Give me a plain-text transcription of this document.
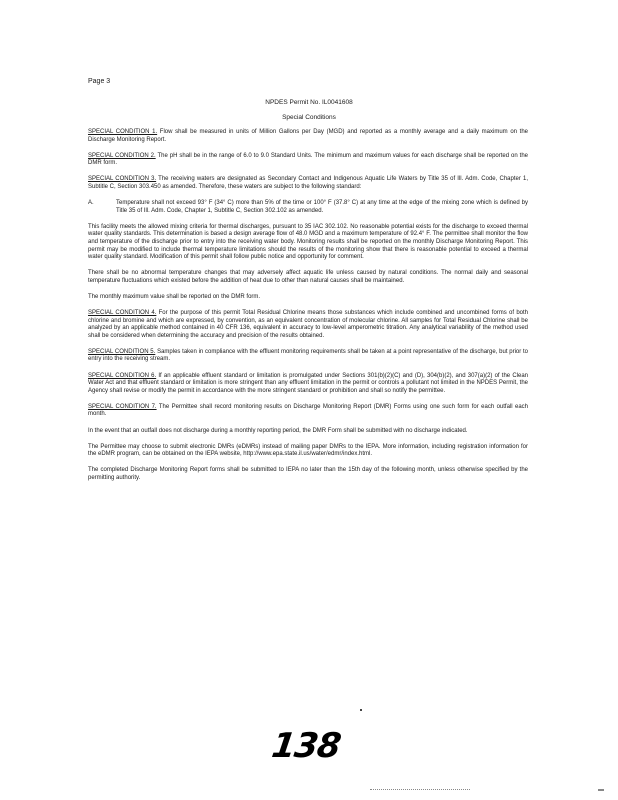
Page 3
NPDES Permit No. IL0041608
Special Conditions

SPECIAL CONDITION 1. Flow shall be measured in units of Million Gallons per Day (MGD) and reported as a monthly average and a daily maximum on the Discharge Monitoring Report.

SPECIAL CONDITION 2. The pH shall be in the range of 6.0 to 9.0 Standard Units. The minimum and maximum values for each discharge shall be reported on the DMR form.

SPECIAL CONDITION 3. The receiving waters are designated as Secondary Contact and Indigenous Aquatic Life Waters by Title 35 of Ill. Adm. Code, Chapter 1, Subtitle C, Section 303.450 as amended. Therefore, these waters are subject to the following standard:

A.	Temperature shall not exceed 93° F (34° C) more than 5% of the time or 100° F (37.8° C) at any time at the edge of the mixing zone which is defined by Title 35 of Ill. Adm. Code, Chapter 1, Subtitle C, Section 302.102 as amended.

This facility meets the allowed mixing criteria for thermal discharges, pursuant to 35 IAC 302.102. No reasonable potential exists for the discharge to exceed thermal water quality standards. This determination is based a design average flow of 48.0 MGD and a maximum temperature of 92.4° F. The permittee shall monitor the flow and temperature of the discharge prior to entry into the receiving water body. Monitoring results shall be reported on the monthly Discharge Monitoring Report. This permit may be modified to include thermal temperature limitations should the results of the monitoring show that there is reasonable potential to exceed a thermal water quality standard. Modification of this permit shall follow public notice and opportunity for comment.

There shall be no abnormal temperature changes that may adversely affect aquatic life unless caused by natural conditions. The normal daily and seasonal temperature fluctuations which existed before the addition of heat due to other than natural causes shall be maintained.

The monthly maximum value shall be reported on the DMR form.

SPECIAL CONDITION 4. For the purpose of this permit Total Residual Chlorine means those substances which include combined and uncombined forms of both chlorine and bromine and which are expressed, by convention, as an equivalent concentration of molecular chlorine. All samples for Total Residual Chlorine shall be analyzed by an applicable method contained in 40 CFR 136, equivalent in accuracy to low-level amperometric titration. Any analytical variability of the method used shall be considered when determining the accuracy and precision of the results obtained.

SPECIAL CONDITION 5. Samples taken in compliance with the effluent monitoring requirements shall be taken at a point representative of the discharge, but prior to entry into the receiving stream.

SPECIAL CONDITION 6. If an applicable effluent standard or limitation is promulgated under Sections 301(b)(2)(C) and (D), 304(b)(2), and 307(a)(2) of the Clean Water Act and that effluent standard or limitation is more stringent than any effluent limitation in the permit or controls a pollutant not limited in the NPDES Permit, the Agency shall revise or modify the permit in accordance with the more stringent standard or prohibition and shall so notify the permittee.

SPECIAL CONDITION 7. The Permittee shall record monitoring results on Discharge Monitoring Report (DMR) Forms using one such form for each outfall each month.

In the event that an outfall does not discharge during a monthly reporting period, the DMR Form shall be submitted with no discharge indicated.

The Permittee may choose to submit electronic DMRs (eDMRs) instead of mailing paper DMRs to the IEPA. More information, including registration information for the eDMR program, can be obtained on the IEPA website, http://www.epa.state.il.us/water/edmr/index.html.

The completed Discharge Monitoring Report forms shall be submitted to IEPA no later than the 15th day of the following month, unless otherwise specified by the permitting authority.

138
